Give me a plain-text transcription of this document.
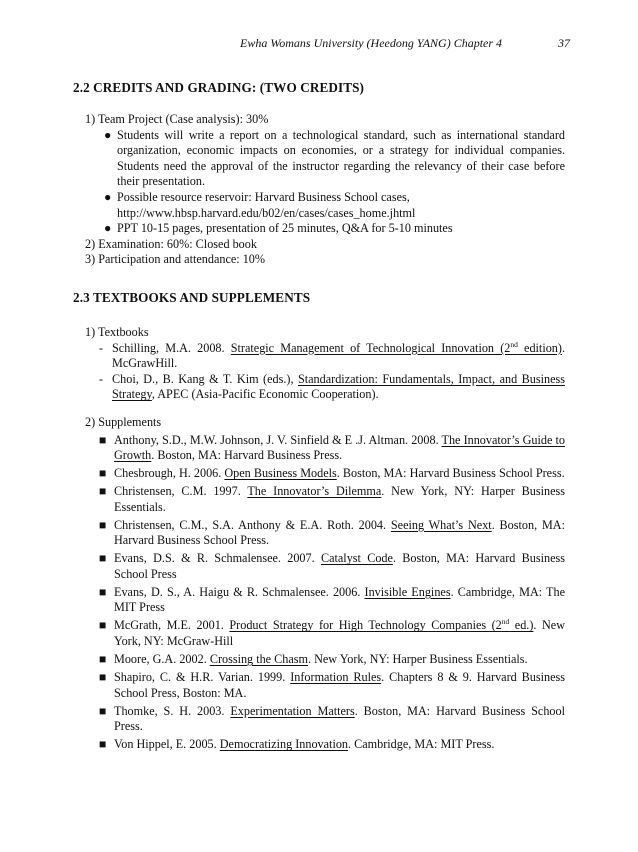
Ewha Womans University (Heedong YANG) Chapter 4	37
2.2 CREDITS AND GRADING: (TWO CREDITS)

1) Team Project (Case analysis): 30%

● Students will write a report on a technological standard, such as international standard organization, economic impacts on economies, or a strategy for individual companies. Students need the approval of the instructor regarding the relevancy of their case before their presentation.

● Possible resource reservoir: Harvard Business School cases,
http://www.hbsp.harvard.edu/b02/en/cases/cases_home.jhtml

● PPT 10-15 pages, presentation of 25 minutes, Q&A for 5-10 minutes

2) Examination: 60%: Closed book

3) Participation and attendance: 10%

2.3 TEXTBOOKS AND SUPPLEMENTS

1) Textbooks

- Schilling, M.A. 2008. Strategic Management of Technological Innovation (2nd edition). McGrawHill.

- Choi, D., B. Kang & T. Kim (eds.), Standardization: Fundamentals, Impact, and Business Strategy, APEC (Asia-Pacific Economic Cooperation).

2) Supplements

■ Anthony, S.D., M.W. Johnson, J. V. Sinfield & E .J. Altman. 2008. The Innovator’s Guide to Growth. Boston, MA: Harvard Business Press.

■ Chesbrough, H. 2006. Open Business Models. Boston, MA: Harvard Business School Press.

■ Christensen, C.M. 1997. The Innovator’s Dilemma. New York, NY: Harper Business Essentials.

■ Christensen, C.M., S.A. Anthony & E.A. Roth. 2004. Seeing What’s Next. Boston, MA: Harvard Business School Press.

■ Evans, D.S. & R. Schmalensee. 2007. Catalyst Code. Boston, MA: Harvard Business School Press

■ Evans, D. S., A. Haigu & R. Schmalensee. 2006. Invisible Engines. Cambridge, MA: The MIT Press

■ McGrath, M.E. 2001. Product Strategy for High Technology Companies (2nd ed.). New York, NY: McGraw-Hill

■ Moore, G.A. 2002. Crossing the Chasm. New York, NY: Harper Business Essentials.

■ Shapiro, C. & H.R. Varian. 1999. Information Rules. Chapters 8 & 9. Harvard Business School Press, Boston: MA.

■ Thomke, S. H. 2003. Experimentation Matters. Boston, MA: Harvard Business School Press.

■ Von Hippel, E. 2005. Democratizing Innovation. Cambridge, MA: MIT Press.
